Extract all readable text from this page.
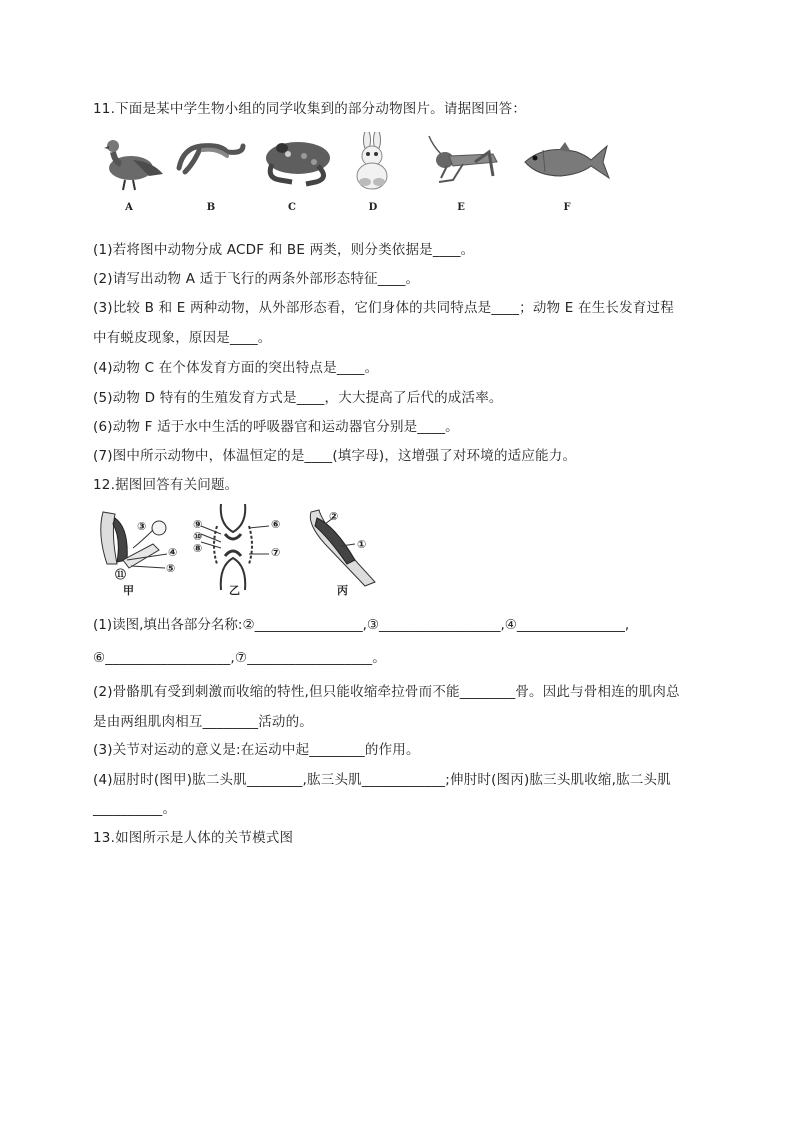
11.下面是某中学生物小组的同学收集到的部分动物图片。请据图回答：
A	B	C	D	E	F
(1)若将图中动物分成 ACDF 和 BE 两类，则分类依据是____。
(2)请写出动物 A 适于飞行的两条外部形态特征____。
(3)比较 B 和 E 两种动物，从外部形态看，它们身体的共同特点是____；动物 E 在生长发育过程
中有蜕皮现象，原因是____。
(4)动物 C 在个体发育方面的突出特点是____。
(5)动物 D 特有的生殖发育方式是____，大大提高了后代的成活率。
(6)动物 F 适于水中生活的呼吸器官和运动器官分别是____。
(7)图中所示动物中，体温恒定的是____(填字母)，这增强了对环境的适应能力。
12.据图回答有关问题。
③
④
⑤
⑪
⑨
⑩
⑧
⑥
⑦
②
①
甲	乙	丙
(1)读图,填出各部分名称:②________________,③__________________,④________________,
⑥__________________,⑦__________________。
(2)骨骼肌有受到刺激而收缩的特性,但只能收缩牵拉骨而不能________骨。因此与骨相连的肌肉总
是由两组肌肉相互________活动的。
(3)关节对运动的意义是:在运动中起________的作用。
(4)屈肘时(图甲)肱二头肌________,肱三头肌____________;伸肘时(图丙)肱三头肌收缩,肱二头肌
__________。
13.如图所示是人体的关节模式图
